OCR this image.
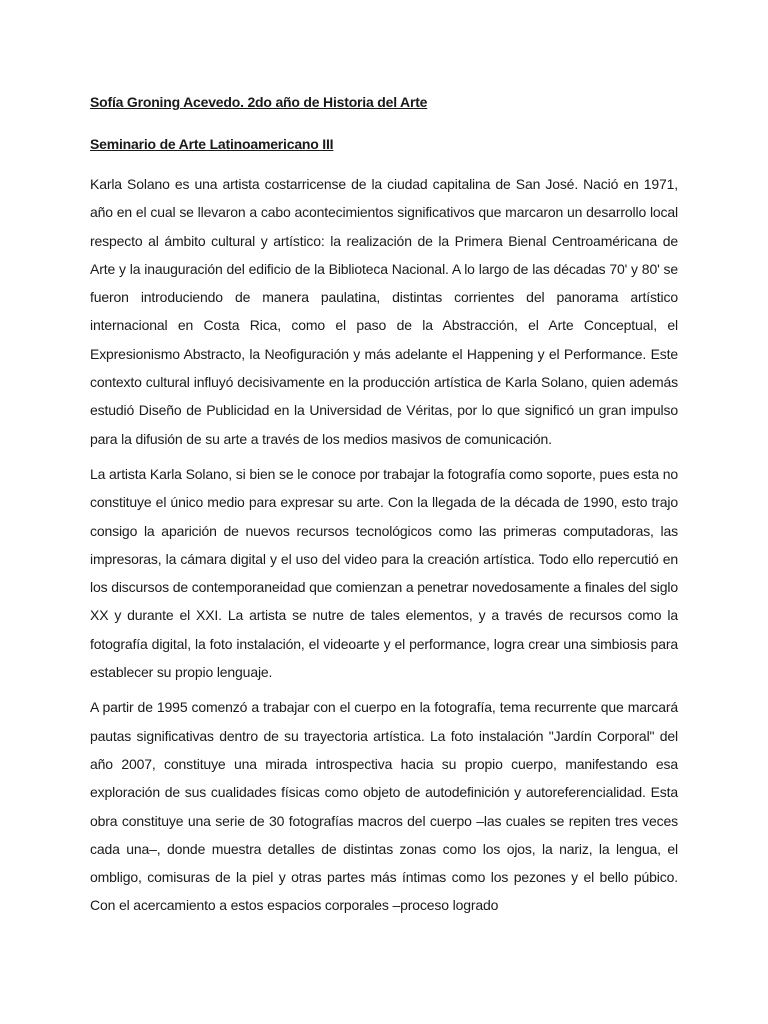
Sofía Groning Acevedo. 2do año de Historia del Arte

Seminario de Arte Latinoamericano III

Karla Solano es una artista costarricense de la ciudad capitalina de San José. Nació en 1971, año en el cual se llevaron a cabo acontecimientos significativos que marcaron un desarrollo local respecto al ámbito cultural y artístico: la realización de la Primera Bienal Centroaméricana de Arte y la inauguración del edificio de la Biblioteca Nacional. A lo largo de las décadas 70' y 80' se fueron introduciendo de manera paulatina, distintas corrientes del panorama artístico internacional en Costa Rica, como el paso de la Abstracción, el Arte Conceptual, el Expresionismo Abstracto, la Neofiguración y más adelante el Happening y el Performance. Este contexto cultural influyó decisivamente en la producción artística de Karla Solano, quien además estudió Diseño de Publicidad en la Universidad de Véritas, por lo que significó un gran impulso para la difusión de su arte a través de los medios masivos de comunicación.

La artista Karla Solano, si bien se le conoce por trabajar la fotografía como soporte, pues esta no constituye el único medio para expresar su arte. Con la llegada de la década de 1990, esto trajo consigo la aparición de nuevos recursos tecnológicos como las primeras computadoras, las impresoras, la cámara digital y el uso del video para la creación artística. Todo ello repercutió en los discursos de contemporaneidad que comienzan a penetrar novedosamente a finales del siglo XX y durante el XXI. La artista se nutre de tales elementos, y a través de recursos como la fotografía digital, la foto instalación, el videoarte y el performance, logra crear una simbiosis para establecer su propio lenguaje.

A partir de 1995 comenzó a trabajar con el cuerpo en la fotografía, tema recurrente que marcará pautas significativas dentro de su trayectoria artística. La foto instalación "Jardín Corporal" del año 2007, constituye una mirada introspectiva hacia su propio cuerpo, manifestando esa exploración de sus cualidades físicas como objeto de autodefinición y autoreferencialidad. Esta obra constituye una serie de 30 fotografías macros del cuerpo –las cuales se repiten tres veces cada una–, donde muestra detalles de distintas zonas como los ojos, la nariz, la lengua, el ombligo, comisuras de la piel y otras partes más íntimas como los pezones y el bello púbico. Con el acercamiento a estos espacios corporales –proceso logrado
